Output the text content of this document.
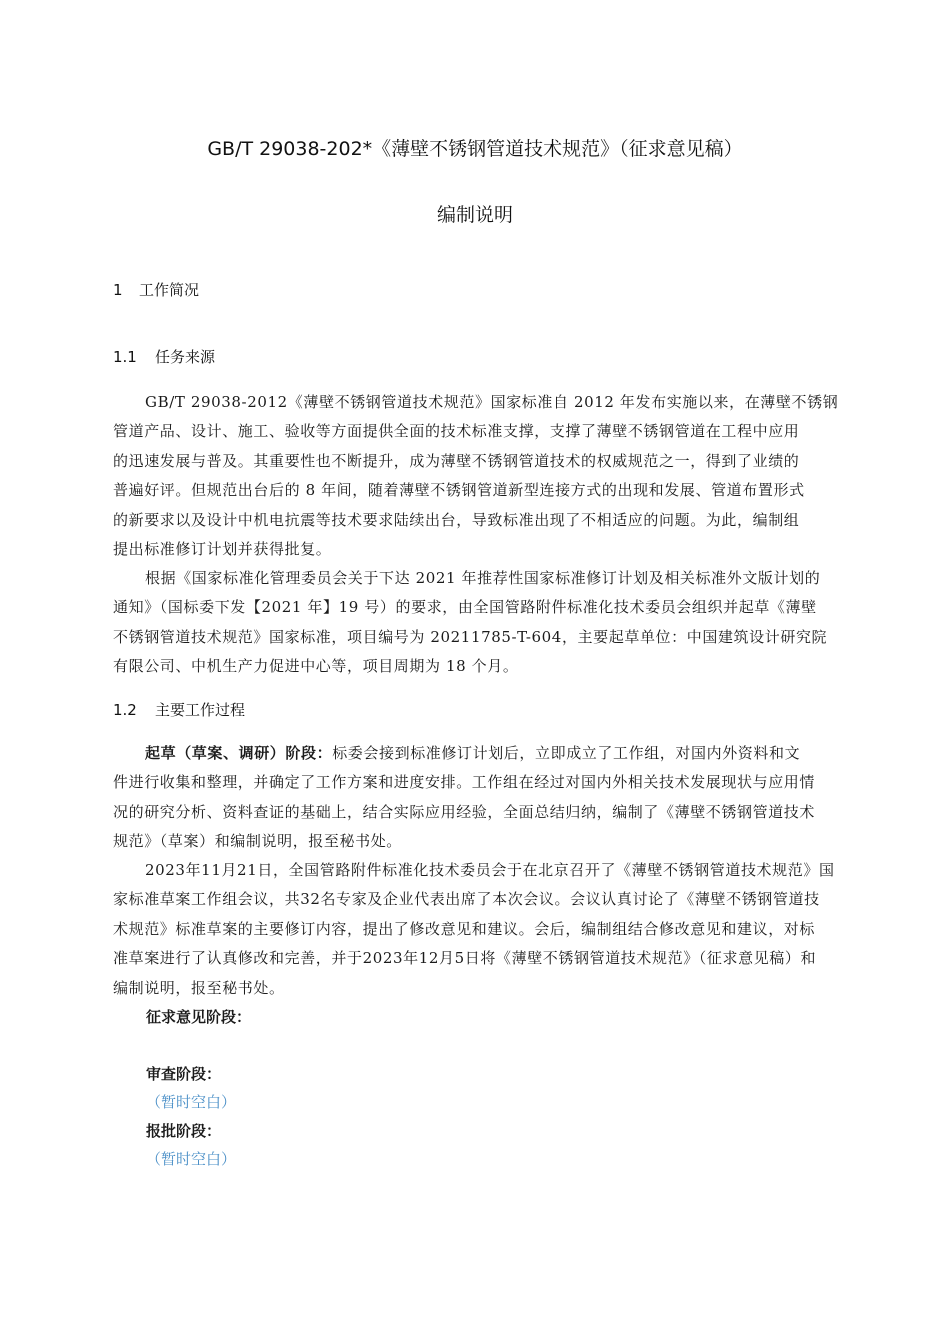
GB/T 29038-202*《薄壁不锈钢管道技术规范》（征求意见稿）
编制说明
1 工作简况
1.1 任务来源
GB/T 29038-2012《薄壁不锈钢管道技术规范》国家标准自 2012 年发布实施以来，在薄壁不锈钢
管道产品、设计、施工、验收等方面提供全面的技术标准支撑，支撑了薄壁不锈钢管道在工程中应用
的迅速发展与普及。其重要性也不断提升，成为薄壁不锈钢管道技术的权威规范之一，得到了业绩的
普遍好评。但规范出台后的 8 年间，随着薄壁不锈钢管道新型连接方式的出现和发展、管道布置形式
的新要求以及设计中机电抗震等技术要求陆续出台，导致标准出现了不相适应的问题。为此，编制组
提出标准修订计划并获得批复。
根据《国家标准化管理委员会关于下达 2021 年推荐性国家标准修订计划及相关标准外文版计划的
通知》（国标委下发【2021 年】19 号）的要求，由全国管路附件标准化技术委员会组织并起草《薄壁
不锈钢管道技术规范》国家标准，项目编号为 20211785-T-604，主要起草单位：中国建筑设计研究院
有限公司、中机生产力促进中心等，项目周期为 18 个月。
1.2 主要工作过程
起草（草案、调研）阶段：标委会接到标准修订计划后，立即成立了工作组，对国内外资料和文
件进行收集和整理，并确定了工作方案和进度安排。工作组在经过对国内外相关技术发展现状与应用情
况的研究分析、资料查证的基础上，结合实际应用经验，全面总结归纳，编制了《薄壁不锈钢管道技术
规范》（草案）和编制说明，报至秘书处。
2023年11月21日，全国管路附件标准化技术委员会于在北京召开了《薄壁不锈钢管道技术规范》国
家标准草案工作组会议，共32名专家及企业代表出席了本次会议。会议认真讨论了《薄壁不锈钢管道技
术规范》标准草案的主要修订内容，提出了修改意见和建议。会后，编制组结合修改意见和建议，对标
准草案进行了认真修改和完善，并于2023年12月5日将《薄壁不锈钢管道技术规范》（征求意见稿）和
编制说明，报至秘书处。
征求意见阶段：
审查阶段：
（暂时空白）
报批阶段：
（暂时空白）
